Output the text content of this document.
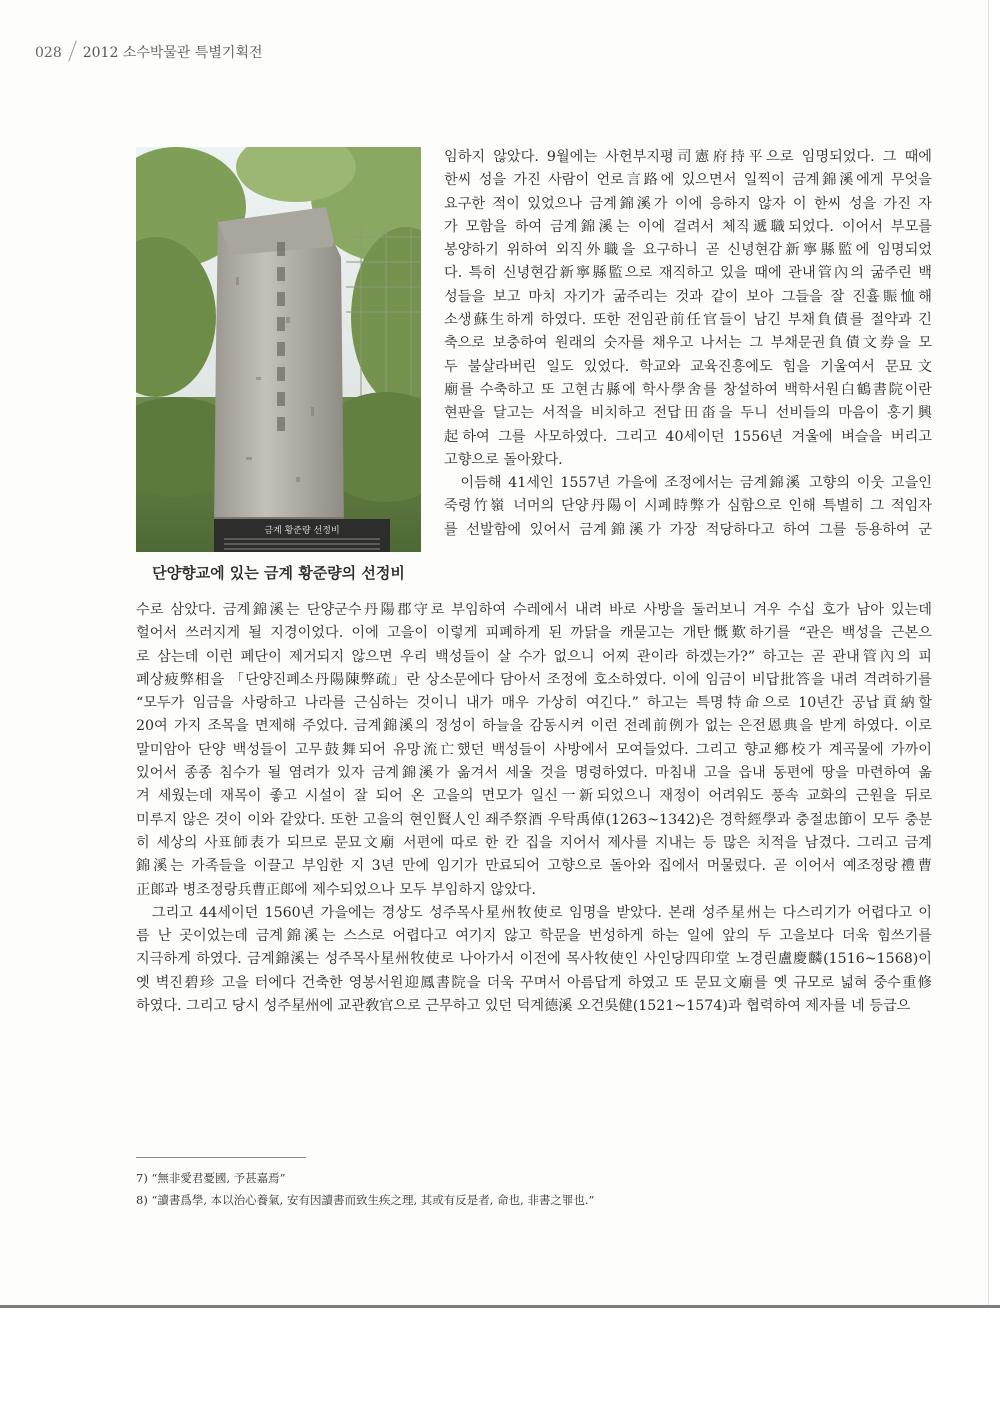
028 2012 소수박물관 특별기획전
금계 황준량 선정비
단양향교에 있는 금계 황준량의 선정비
임하지 않았다. 9월에는 사헌부지평司憲府持平으로 임명되었다. 그 때에
한씨 성을 가진 사람이 언로言路에 있으면서 일찍이 금계錦溪에게 무엇을
요구한 적이 있었으나 금계錦溪가 이에 응하지 않자 이 한씨 성을 가진 자
가 모함을 하여 금계錦溪는 이에 걸려서 체직遞職되었다. 이어서 부모를
봉양하기 위하여 외직外職을 요구하니 곧 신녕현감新寧縣監에 임명되었
다. 특히 신녕현감新寧縣監으로 재직하고 있을 때에 관내管內의 굶주린 백
성들을 보고 마치 자기가 굶주리는 것과 같이 보아 그들을 잘 진휼賑恤해
소생蘇生하게 하였다. 또한 전임관前任官들이 남긴 부채負債를 절약과 긴
축으로 보충하여 원래의 숫자를 채우고 나서는 그 부채문권負債文券을 모
두 불살라버린 일도 있었다. 학교와 교육진흥에도 힘을 기울여서 문묘文
廟를 수축하고 또 고현古縣에 학사學舍를 창설하여 백학서원白鶴書院이란
현판을 달고는 서적을 비치하고 전답田畓을 두니 선비들의 마음이 홍기興
起하여 그를 사모하였다. 그리고 40세이던 1556년 겨울에 벼슬을 버리고
고향으로 돌아왔다.
　이듬해 41세인 1557년 가을에 조정에서는 금계錦溪 고향의 이웃 고을인
죽령竹嶺 너머의 단양丹陽이 시폐時弊가 심함으로 인해 특별히 그 적임자
를 선발함에 있어서 금계錦溪가 가장 적당하다고 하여 그를 등용하여 군
수로 삼았다. 금계錦溪는 단양군수丹陽郡守로 부임하여 수레에서 내려 바로 사방을 둘러보니 겨우 수십 호가 남아 있는데
헐어서 쓰러지게 될 지경이었다. 이에 고을이 이렇게 피폐하게 된 까닭을 캐묻고는 개탄慨歎하기를 “관은 백성을 근본으
로 삼는데 이런 폐단이 제거되지 않으면 우리 백성들이 살 수가 없으니 어찌 관이라 하겠는가?” 하고는 곧 관내管內의 피
폐상疲弊相을 「단양진폐소丹陽陳弊疏」란 상소문에다 담아서 조정에 호소하였다. 이에 임금이 비답批答을 내려 격려하기를
“모두가 임금을 사랑하고 나라를 근심하는 것이니 내가 매우 가상히 여긴다.” 하고는 특명特命으로 10년간 공납貢納할
20여 가지 조목을 면제해 주었다. 금계錦溪의 정성이 하늘을 감동시켜 이런 전례前例가 없는 은전恩典을 받게 하였다. 이로
말미암아 단양 백성들이 고무鼓舞되어 유망流亡했던 백성들이 사방에서 모여들었다. 그리고 향교鄕校가 계곡물에 가까이
있어서 종종 침수가 될 염려가 있자 금계錦溪가 옮겨서 세울 것을 명령하였다. 마침내 고을 읍내 동편에 땅을 마련하여 옮
겨 세웠는데 재목이 좋고 시설이 잘 되어 온 고을의 면모가 일신一新되었으니 재정이 어려워도 풍속 교화의 근원을 뒤로
미루지 않은 것이 이와 같았다. 또한 고을의 현인賢人인 좨주祭酒 우탁禹倬(1263~1342)은 경학經學과 충절忠節이 모두 충분
히 세상의 사표師表가 되므로 문묘文廟 서편에 따로 한 칸 집을 지어서 제사를 지내는 등 많은 치적을 남겼다. 그리고 금계
錦溪는 가족들을 이끌고 부임한 지 3년 만에 임기가 만료되어 고향으로 돌아와 집에서 머물렀다. 곧 이어서 예조정랑禮曹
正郞과 병조정랑兵曹正郞에 제수되었으나 모두 부임하지 않았다.
　그리고 44세이던 1560년 가을에는 경상도 성주목사星州牧使로 임명을 받았다. 본래 성주星州는 다스리기가 어렵다고 이
름 난 곳이었는데 금계錦溪는 스스로 어렵다고 여기지 않고 학문을 번성하게 하는 일에 앞의 두 고을보다 더욱 힘쓰기를
지극하게 하였다. 금계錦溪는 성주목사星州牧使로 나아가서 이전에 목사牧使인 사인당四印堂 노경린盧慶麟(1516~1568)이
옛 벽진碧珍 고을 터에다 건축한 영봉서원迎鳳書院을 더욱 꾸며서 아름답게 하였고 또 문묘文廟를 옛 규모로 넓혀 중수重修
하였다. 그리고 당시 성주星州에 교관敎官으로 근무하고 있던 덕계德溪 오건吳健(1521~1574)과 협력하여 제자를 네 등급으
7) “無非愛君憂國, 予甚嘉焉”
8) “讀書爲學, 本以治心養氣, 安有因讀書而致生疾之理, 其或有反是者, 命也, 非書之罪也.”
